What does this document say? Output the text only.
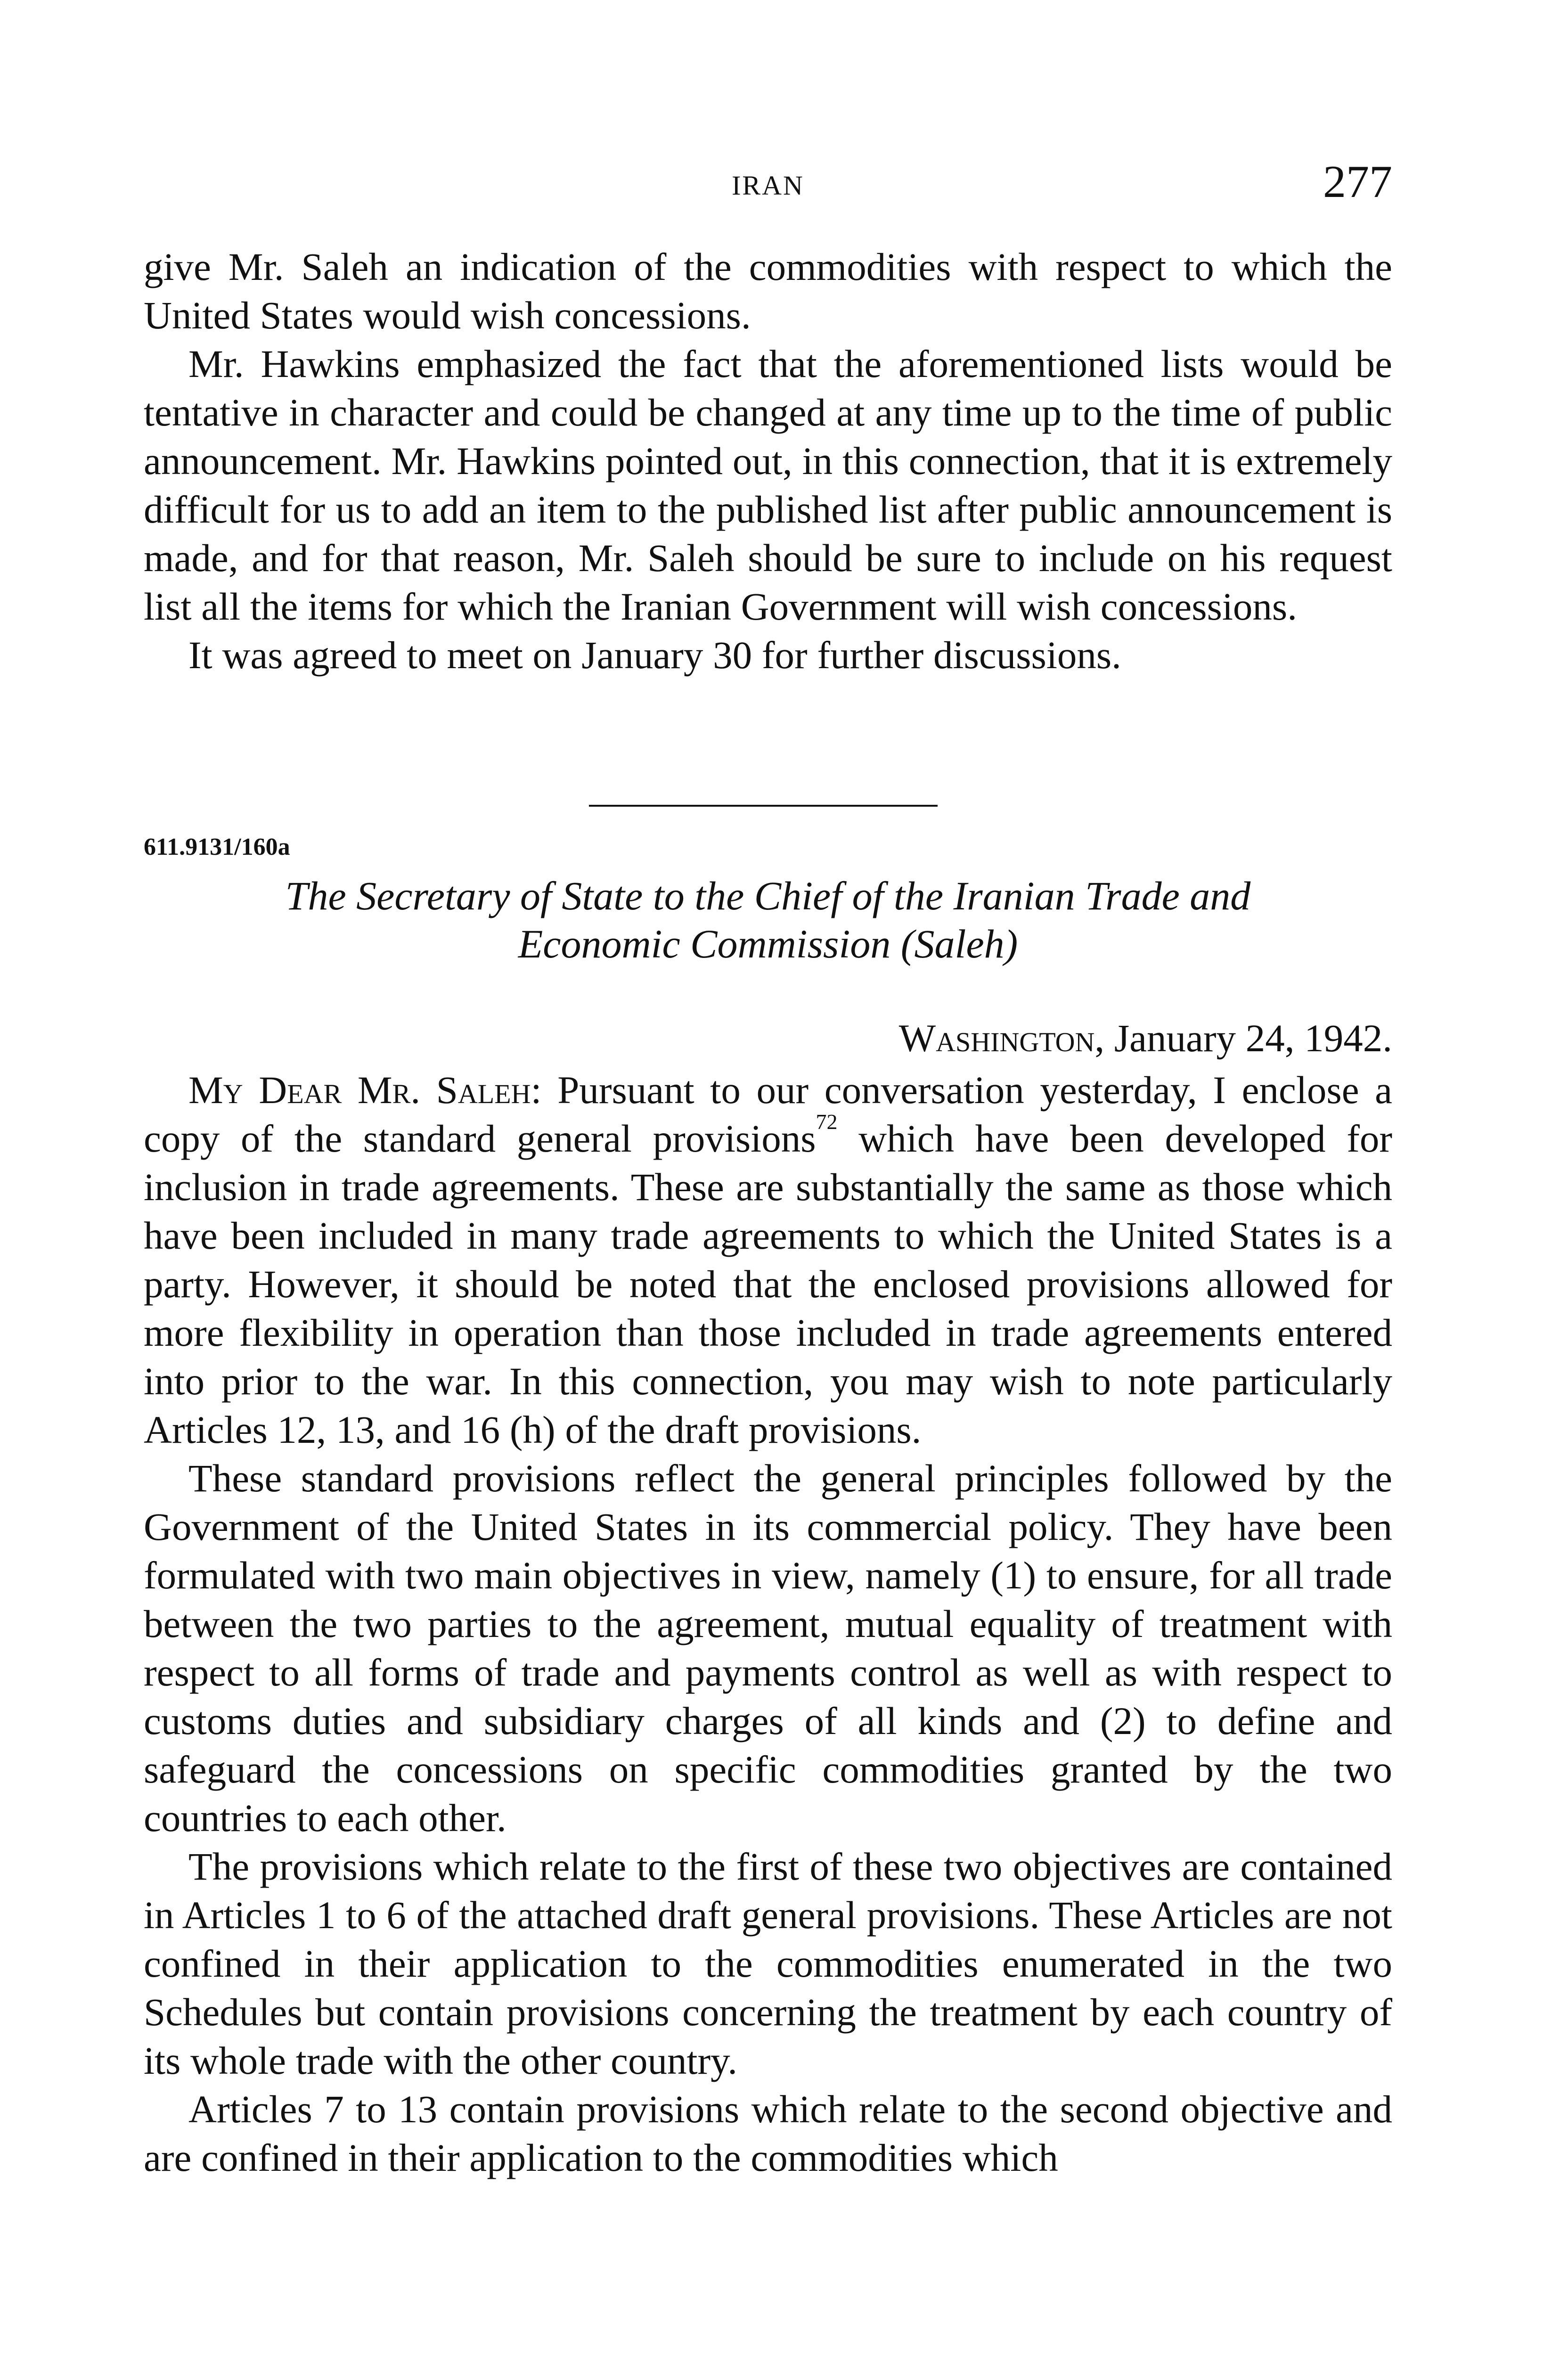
IRAN	277

give Mr. Saleh an indication of the commodities with respect to which the United States would wish concessions.

Mr. Hawkins emphasized the fact that the aforementioned lists would be tentative in character and could be changed at any time up to the time of public announcement. Mr. Hawkins pointed out, in this connection, that it is extremely difficult for us to add an item to the published list after public announcement is made, and for that reason, Mr. Saleh should be sure to include on his request list all the items for which the Iranian Government will wish concessions.

It was agreed to meet on January 30 for further discussions.

611.9131/160a
The Secretary of State to the Chief of the Iranian Trade and
Economic Commission (Saleh)
Washington, January 24, 1942.

My Dear Mr. Saleh: Pursuant to our conversation yesterday, I enclose a copy of the standard general provisions$^{72}$ which have been developed for inclusion in trade agreements. These are substantially the same as those which have been included in many trade agreements to which the United States is a party. However, it should be noted that the enclosed provisions allowed for more flexibility in operation than those included in trade agreements entered into prior to the war. In this connection, you may wish to note particularly Articles 12, 13, and 16 (h) of the draft provisions.

These standard provisions reflect the general principles followed by the Government of the United States in its commercial policy. They have been formulated with two main objectives in view, namely (1) to ensure, for all trade between the two parties to the agreement, mutual equality of treatment with respect to all forms of trade and payments control as well as with respect to customs duties and subsidiary charges of all kinds and (2) to define and safeguard the concessions on specific commodities granted by the two countries to each other.

The provisions which relate to the first of these two objectives are contained in Articles 1 to 6 of the attached draft general provisions. These Articles are not confined in their application to the commodities enumerated in the two Schedules but contain provisions concerning the treatment by each country of its whole trade with the other country.

Articles 7 to 13 contain provisions which relate to the second objective and are confined in their application to the commodities which
